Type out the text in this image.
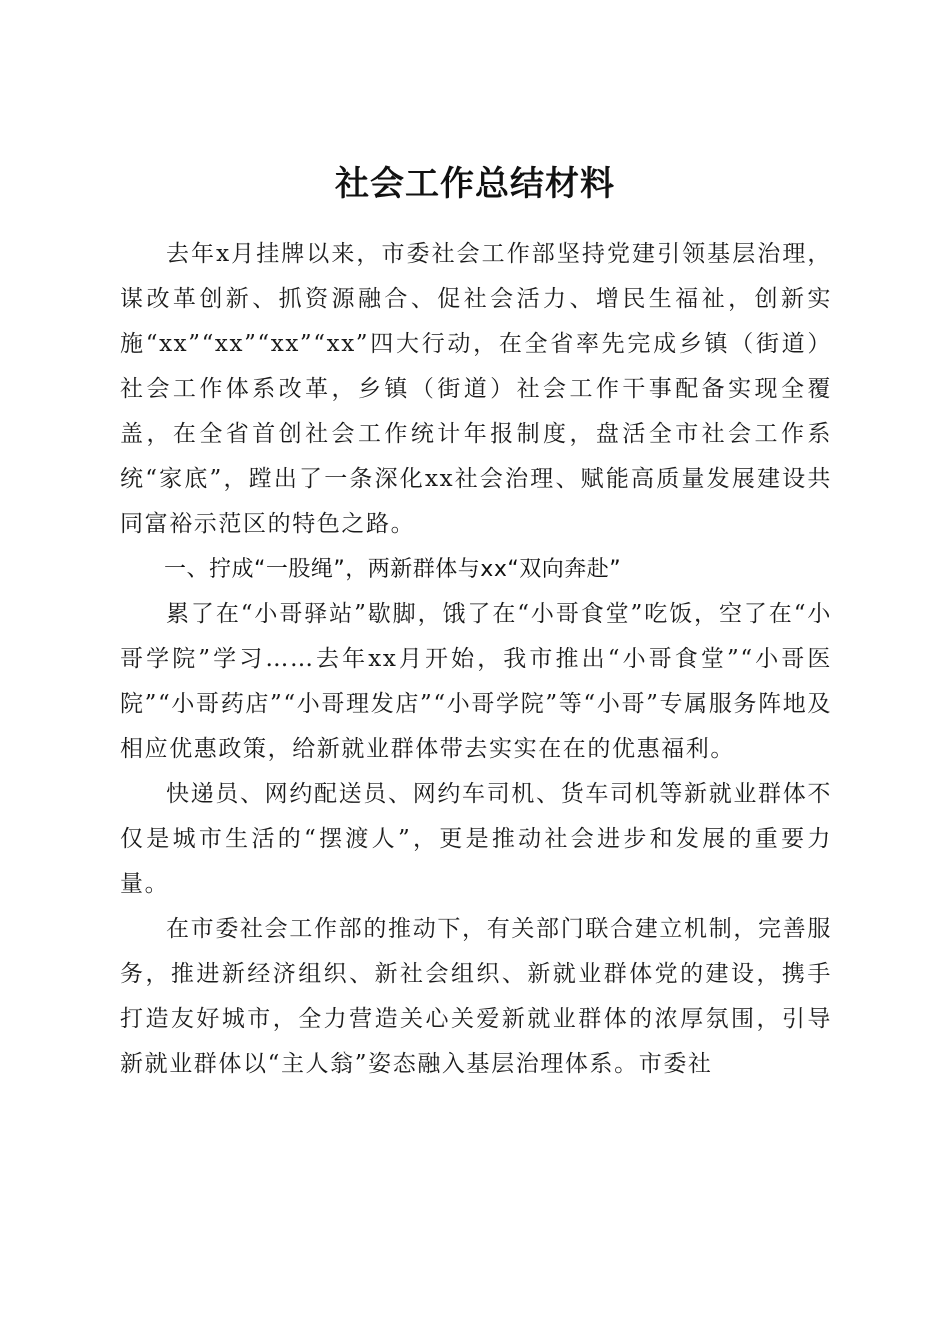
社会工作总结材料

去年x月挂牌以来，市委社会工作部坚持党建引领基层治理，谋改革创新、抓资源融合、促社会活力、增民生福祉，创新实施“xx”“xx”“xx”“xx”四大行动，在全省率先完成乡镇（街道）社会工作体系改革，乡镇（街道）社会工作干事配备实现全覆盖，在全省首创社会工作统计年报制度，盘活全市社会工作系统“家底”，蹚出了一条深化xx社会治理、赋能高质量发展建设共同富裕示范区的特色之路。

一、拧成“一股绳”，两新群体与xx“双向奔赴”

累了在“小哥驿站”歇脚，饿了在“小哥食堂”吃饭，空了在“小哥学院”学习……去年xx月开始，我市推出“小哥食堂”“小哥医院”“小哥药店”“小哥理发店”“小哥学院”等“小哥”专属服务阵地及相应优惠政策，给新就业群体带去实实在在的优惠福利。

快递员、网约配送员、网约车司机、货车司机等新就业群体不仅是城市生活的“摆渡人”，更是推动社会进步和发展的重要力量。

在市委社会工作部的推动下，有关部门联合建立机制，完善服务，推进新经济组织、新社会组织、新就业群体党的建设，携手打造友好城市，全力营造关心关爱新就业群体的浓厚氛围，引导新就业群体以“主人翁”姿态融入基层治理体系。市委社
